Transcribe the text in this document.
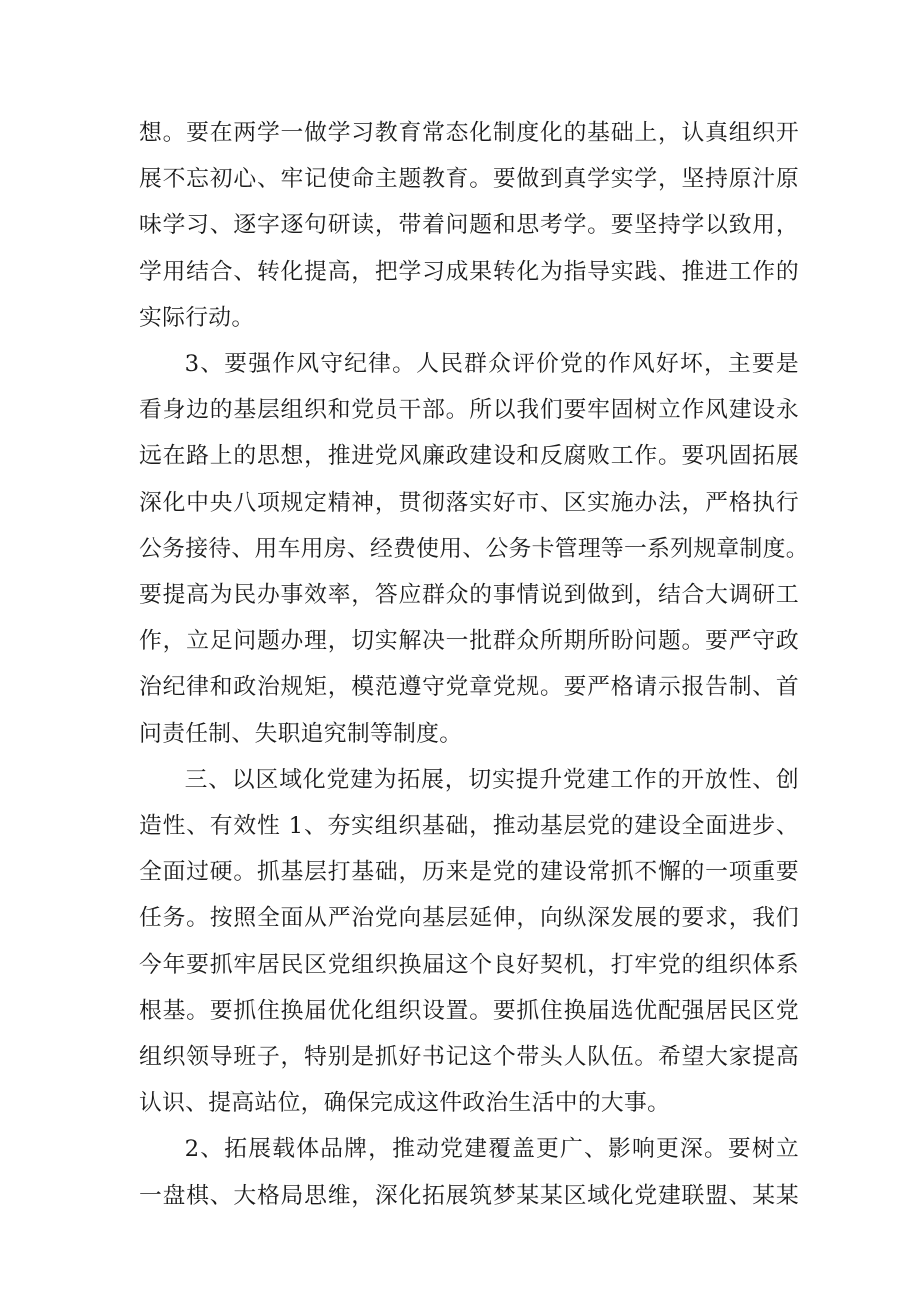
想。要在两学一做学习教育常态化制度化的基础上，认真组织开
展不忘初心、牢记使命主题教育。要做到真学实学，坚持原汁原
味学习、逐字逐句研读，带着问题和思考学。要坚持学以致用，
学用结合、转化提高，把学习成果转化为指导实践、推进工作的
实际行动。

3、要强作风守纪律。人民群众评价党的作风好坏，主要是
看身边的基层组织和党员干部。所以我们要牢固树立作风建设永
远在路上的思想，推进党风廉政建设和反腐败工作。要巩固拓展
深化中央八项规定精神，贯彻落实好市、区实施办法，严格执行
公务接待、用车用房、经费使用、公务卡管理等一系列规章制度。
要提高为民办事效率，答应群众的事情说到做到，结合大调研工
作，立足问题办理，切实解决一批群众所期所盼问题。要严守政
治纪律和政治规矩，模范遵守党章党规。要严格请示报告制、首
问责任制、失职追究制等制度。

三、以区域化党建为拓展，切实提升党建工作的开放性、创
造性、有效性 1、夯实组织基础，推动基层党的建设全面进步、
全面过硬。抓基层打基础，历来是党的建设常抓不懈的一项重要
任务。按照全面从严治党向基层延伸，向纵深发展的要求，我们
今年要抓牢居民区党组织换届这个良好契机，打牢党的组织体系
根基。要抓住换届优化组织设置。要抓住换届选优配强居民区党
组织领导班子，特别是抓好书记这个带头人队伍。希望大家提高
认识、提高站位，确保完成这件政治生活中的大事。

2、拓展载体品牌，推动党建覆盖更广、影响更深。要树立
一盘棋、大格局思维，深化拓展筑梦某某区域化党建联盟、某某
